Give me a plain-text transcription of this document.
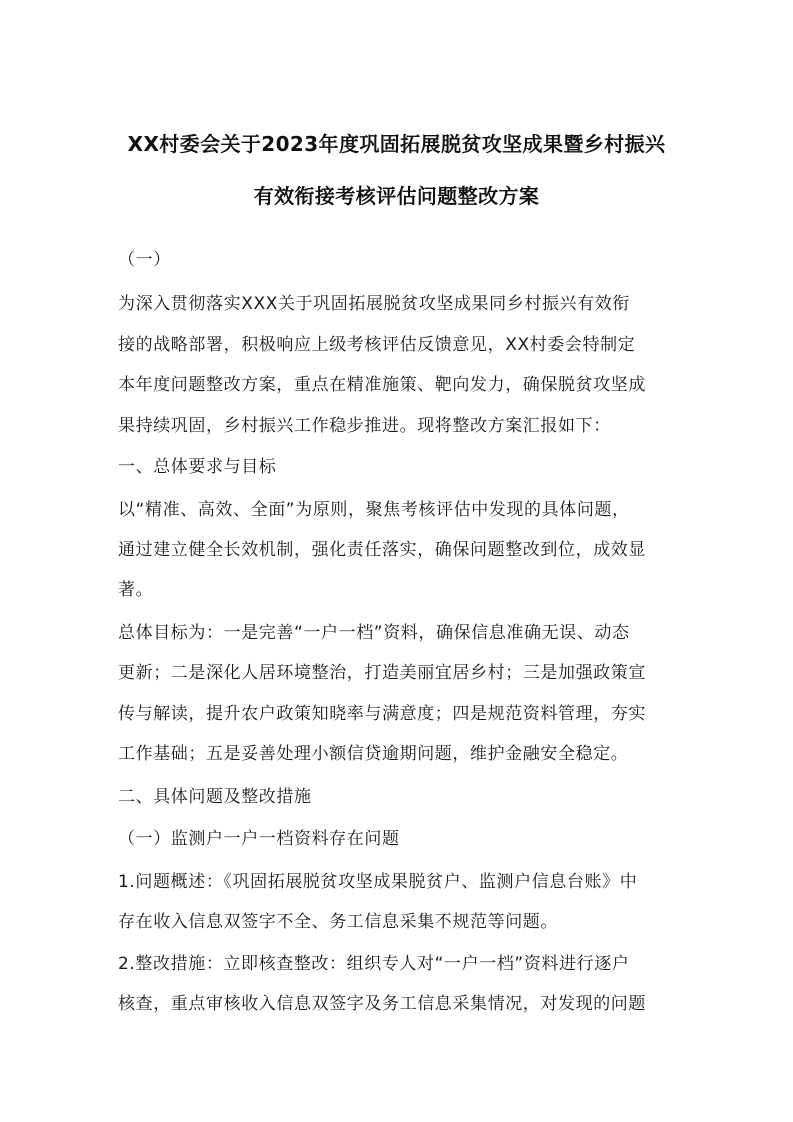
XX村委会关于2023年度巩固拓展脱贫攻坚成果暨乡村振兴
有效衔接考核评估问题整改方案
（一）
为深入贯彻落实XXX关于巩固拓展脱贫攻坚成果同乡村振兴有效衔
接的战略部署，积极响应上级考核评估反馈意见，XX村委会特制定
本年度问题整改方案，重点在精准施策、靶向发力，确保脱贫攻坚成
果持续巩固，乡村振兴工作稳步推进。现将整改方案汇报如下：
一、总体要求与目标
以“精准、高效、全面”为原则，聚焦考核评估中发现的具体问题，
通过建立健全长效机制，强化责任落实，确保问题整改到位，成效显
著。
总体目标为：一是完善“一户一档”资料，确保信息准确无误、动态
更新；二是深化人居环境整治，打造美丽宜居乡村；三是加强政策宣
传与解读，提升农户政策知晓率与满意度；四是规范资料管理，夯实
工作基础；五是妥善处理小额信贷逾期问题，维护金融安全稳定。
二、具体问题及整改措施
（一）监测户一户一档资料存在问题
1.问题概述：《巩固拓展脱贫攻坚成果脱贫户、监测户信息台账》中
存在收入信息双签字不全、务工信息采集不规范等问题。
2.整改措施：立即核查整改：组织专人对“一户一档”资料进行逐户
核查，重点审核收入信息双签字及务工信息采集情况，对发现的问题
